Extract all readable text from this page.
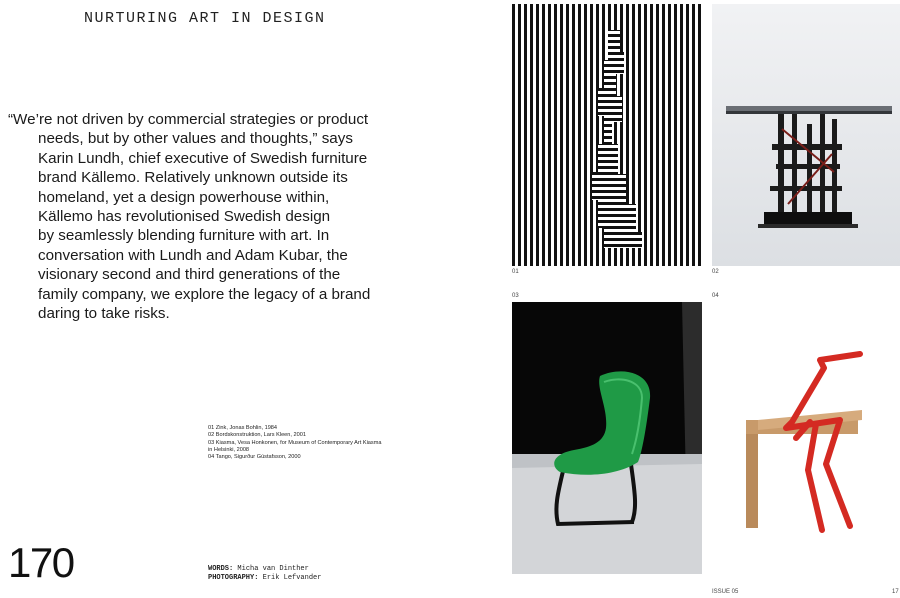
NURTURING ART IN DESIGN
“We’re not driven by commercial strategies or product
needs, but by other values and thoughts,” says
Karin Lundh, chief executive of Swedish furniture
brand Källemo. Relatively unknown outside its
homeland, yet a design powerhouse within,
Källemo has revolutionised Swedish design
by seamlessly blending furniture with art. In
conversation with Lundh and Adam Kubar, the
visionary second and third generations of the
family company, we explore the legacy of a brand
daring to take risks.
01 Zink, Jonas Bohlin, 1984
02 Bordskonstruktion, Lars Kleen, 2001
03 Kiasma, Vesa Honkonen, for Museum of Contemporary Art Kiasma
in Helsinki, 2008
04 Tango, Sigurður Gústafsson, 2000
170	WORDS: Micha van Dinther
PHOTOGRAPHY: Erik Lefvander
01	02
03	04
ISSUE 05	17
